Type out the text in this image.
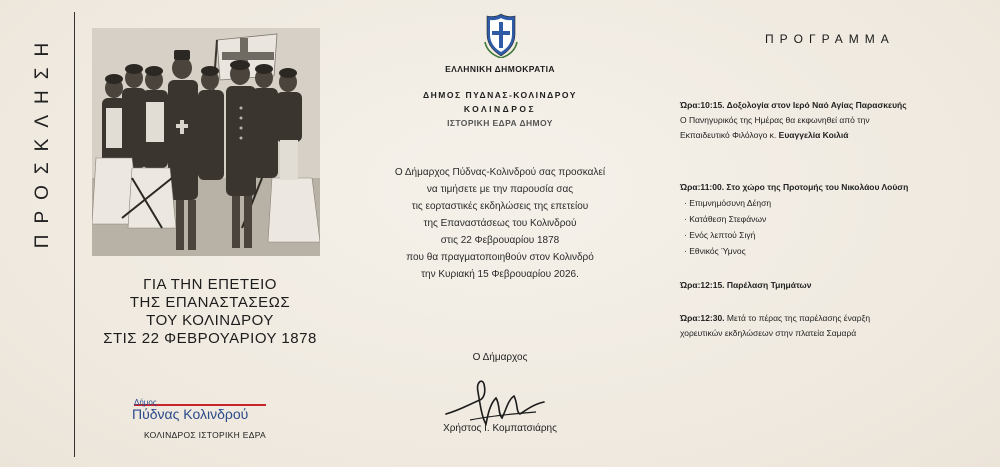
ΠΡΟΣΚΛΗΣΗ
ΓΙΑ ΤΗΝ ΕΠΕΤΕΙΟ
ΤΗΣ ΕΠΑΝΑΣΤΑΣΕΩΣ
ΤΟΥ ΚΟΛΙΝΔΡΟΥ
ΣΤΙΣ 22 ΦΕΒΡΟΥΑΡΙΟΥ 1878
Δήμος
Πύδνας Κολινδρού
ΚΟΛΙΝΔΡΟΣ ΙΣΤΟΡΙΚΗ ΕΔΡΑ
ΕΛΛΗΝΙΚΗ ΔΗΜΟΚΡΑΤΙΑ
ΔΗΜΟΣ ΠΥΔΝΑΣ-ΚΟΛΙΝΔΡΟΥ
ΚΟΛΙΝΔΡΟΣ
ΙΣΤΟΡΙΚΗ ΕΔΡΑ ΔΗΜΟΥ
Ο Δήμαρχος Πύδνας-Κολινδρού σας προσκαλεί
να τιμήσετε με την παρουσία σας
τις εορταστικές εκδηλώσεις της επετείου
της Επαναστάσεως του Κολινδρού
στις 22 Φεβρουαρίου 1878
που θα πραγματοποιηθούν στον Κολινδρό
την Κυριακή 15 Φεβρουαρίου 2026.
Ο Δήμαρχος
Χρήστος Ι. Κομπατσιάρης
ΠΡΟΓΡΑΜΜΑ
Ώρα:10:15. Δοξολογία στον Ιερό Ναό Αγίας Παρασκευής
Ο Πανηγυρικός της Ημέρας θα εκφωνηθεί από την
Εκπαιδευτικό Φιλόλογο κ. Ευαγγελία Κοιλιά
Ώρα:11:00. Στο χώρο της Προτομής του Νικολάου Λούση
· Επιμνημόσυνη Δέηση
· Κατάθεση Στεφάνων
· Ενός λεπτού Σιγή
· Εθνικός Ύμνος
Ώρα:12:15. Παρέλαση Τμημάτων
Ώρα:12:30. Μετά το πέρας της παρέλασης έναρξη
χορευτικών εκδηλώσεων στην πλατεία Σαμαρά
